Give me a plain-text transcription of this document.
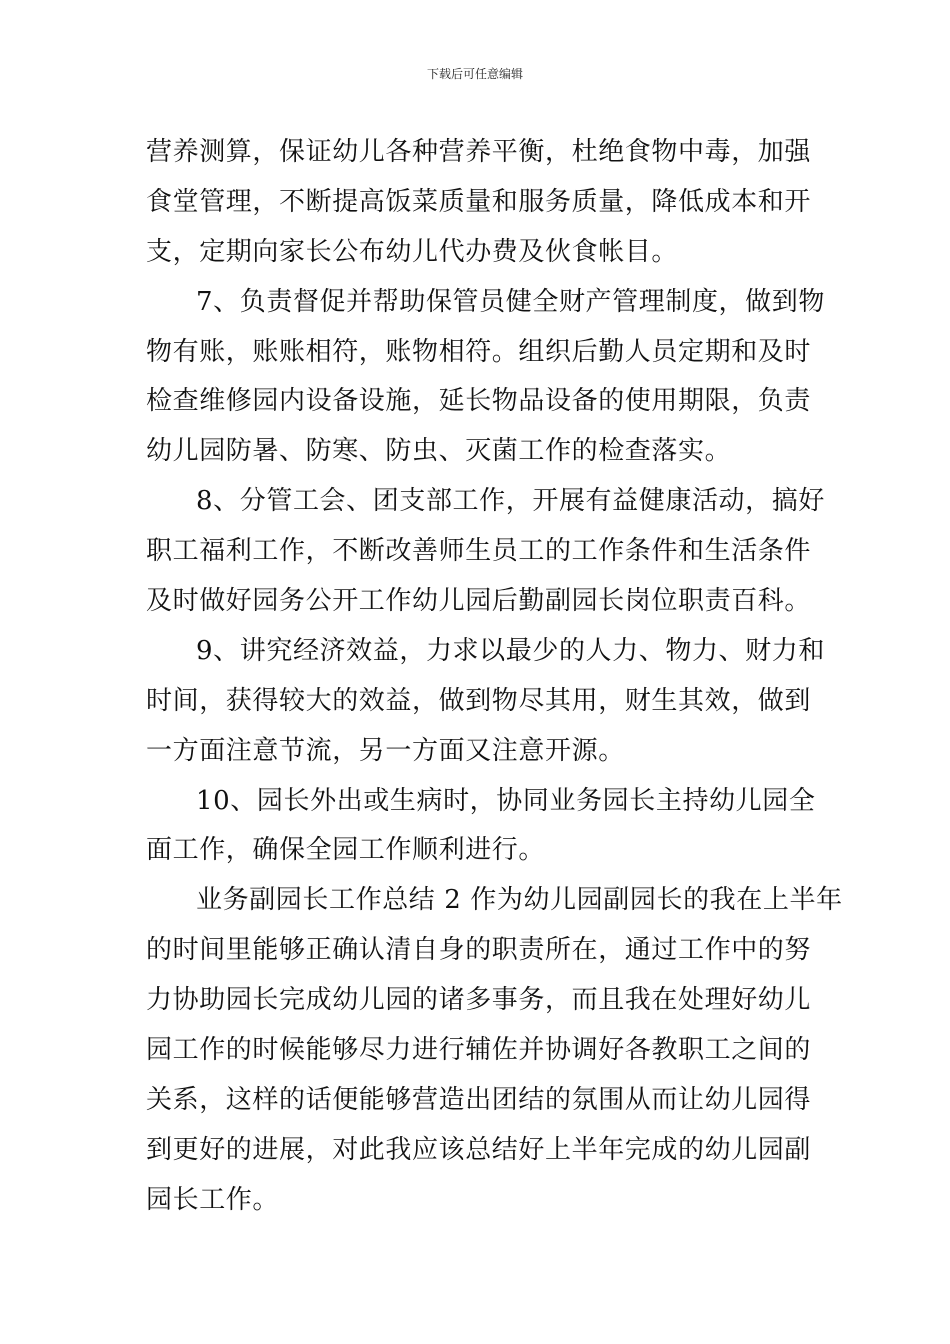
下载后可任意编辑
营养测算，保证幼儿各种营养平衡，杜绝食物中毒，加强
食堂管理，不断提高饭菜质量和服务质量，降低成本和开
支，定期向家长公布幼儿代办费及伙食帐目。
7、负责督促并帮助保管员健全财产管理制度，做到物
物有账，账账相符，账物相符。组织后勤人员定期和及时
检查维修园内设备设施，延长物品设备的使用期限，负责
幼儿园防暑、防寒、防虫、灭菌工作的检查落实。
8、分管工会、团支部工作，开展有益健康活动，搞好
职工福利工作，不断改善师生员工的工作条件和生活条件
及时做好园务公开工作幼儿园后勤副园长岗位职责百科。
9、讲究经济效益，力求以最少的人力、物力、财力和
时间，获得较大的效益，做到物尽其用，财生其效，做到
一方面注意节流，另一方面又注意开源。
10、园长外出或生病时，协同业务园长主持幼儿园全
面工作，确保全园工作顺利进行。
业务副园长工作总结 2 作为幼儿园副园长的我在上半年
的时间里能够正确认清自身的职责所在，通过工作中的努
力协助园长完成幼儿园的诸多事务，而且我在处理好幼儿
园工作的时候能够尽力进行辅佐并协调好各教职工之间的
关系，这样的话便能够营造出团结的氛围从而让幼儿园得
到更好的进展，对此我应该总结好上半年完成的幼儿园副
园长工作。
